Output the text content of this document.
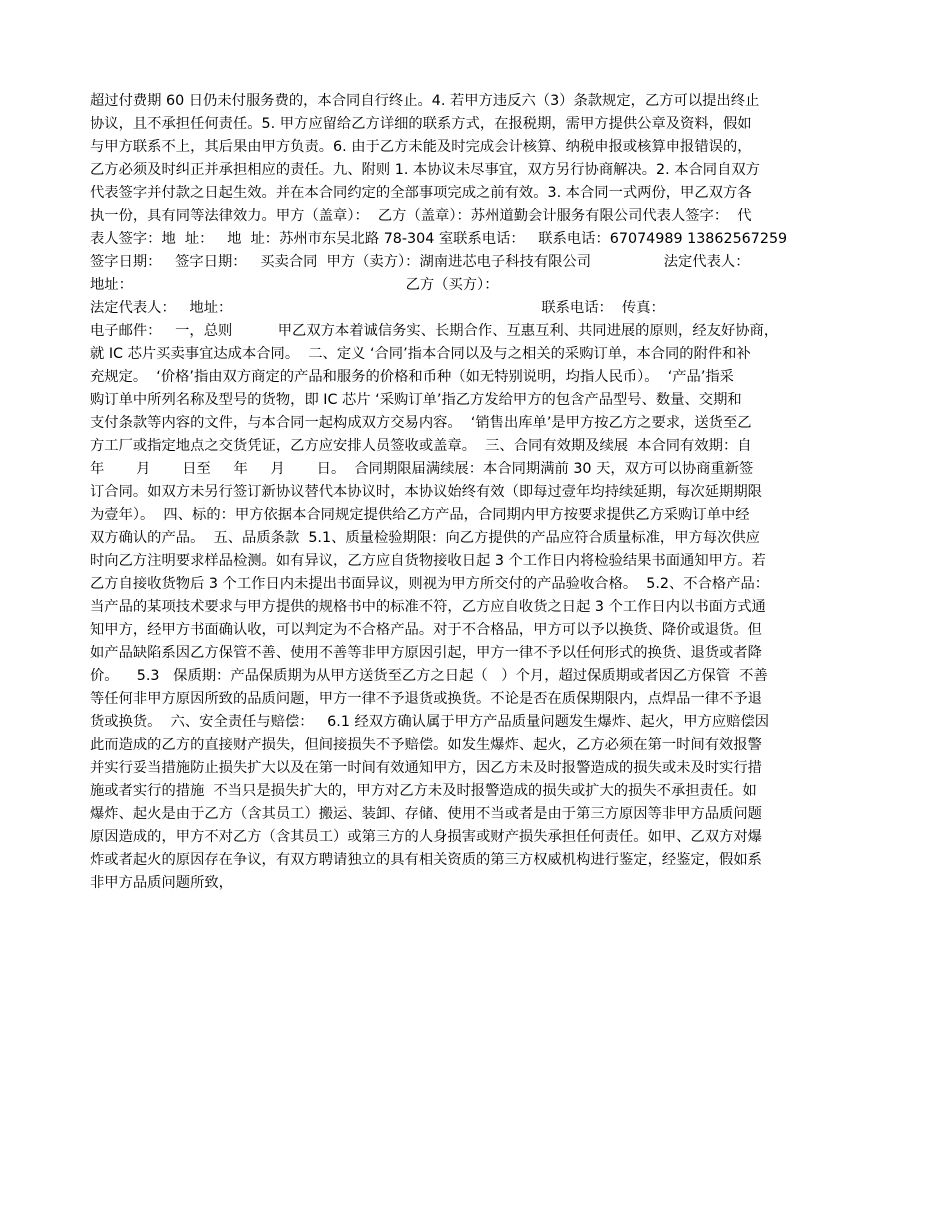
超过付费期 60 日仍未付服务费的，本合同自行终止。4. 若甲方违反六（3）条款规定，乙方可以提出终止
协议，且不承担任何责任。5. 甲方应留给乙方详细的联系方式，在报税期，需甲方提供公章及资料，假如
与甲方联系不上，其后果由甲方负责。6. 由于乙方未能及时完成会计核算、纳税申报或核算申报错误的，
乙方必须及时纠正并承担相应的责任。九、附则 1. 本协议未尽事宜，双方另行协商解决。2. 本合同自双方
代表签字并付款之日起生效。并在本合同约定的全部事项完成之前有效。3. 本合同一式两份，甲乙双方各
执一份，具有同等法律效力。甲方（盖章）：  乙方（盖章）：苏州道勤会计服务有限公司代表人签字：  代
表人签字：地  址：   地  址：苏州市东吴北路 78-304 室联系电话：   联系电话：67074989 13862567259
签字日期：   签字日期：   买卖合同  甲方（卖方）：湖南进芯电子科技有限公司                法定代表人：
地址：                                                            乙方（买方）：
法定代表人：   地址：                                                                    联系电话：  传真：
电子邮件：   一，总则          甲乙双方本着诚信务实、长期合作、互惠互利、共同进展的原则，经友好协商，
就 IC 芯片买卖事宜达成本合同。  二、定义 ‘合同’指本合同以及与之相关的采购订单，本合同的附件和补
充规定。  ‘价格’指由双方商定的产品和服务的价格和币种（如无特别说明，均指人民币）。  ‘产品’指采
购订单中所列名称及型号的货物，即 IC 芯片 ‘采购订单’指乙方发给甲方的包含产品型号、数量、交期和
支付条款等内容的文件，与本合同一起构成双方交易内容。  ‘销售出库单’是甲方按乙方之要求，送货至乙
方工厂或指定地点之交货凭证，乙方应安排人员签收或盖章。  三、合同有效期及续展  本合同有效期：自
年       月       日至     年     月       日。  合同期限届满续展：本合同期满前 30 天，双方可以协商重新签
订合同。如双方未另行签订新协议替代本协议时，本协议始终有效（即每过壹年均持续延期，每次延期期限
为壹年）。  四、标的：甲方依据本合同规定提供给乙方产品，合同期内甲方按要求提供乙方采购订单中经
双方确认的产品。  五、品质条款  5.1、质量检验期限：向乙方提供的产品应符合质量标准，甲方每次供应
时向乙方注明要求样品检测。如有异议，乙方应自货物接收日起 3 个工作日内将检验结果书面通知甲方。若
乙方自接收货物后 3 个工作日内未提出书面异议，则视为甲方所交付的产品验收合格。  5.2、不合格产品：
当产品的某项技术要求与甲方提供的规格书中的标准不符，乙方应自收货之日起 3 个工作日内以书面方式通
知甲方，经甲方书面确认收，可以判定为不合格产品。对于不合格品，甲方可以予以换货、降价或退货。但
如产品缺陷系因乙方保管不善、使用不善等非甲方原因引起，甲方一律不予以任何形式的换货、退货或者降
价。    5.3   保质期：产品保质期为从甲方送货至乙方之日起（   ）个月，超过保质期或者因乙方保管  不善
等任何非甲方原因所致的品质问题，甲方一律不予退货或换货。不论是否在质保期限内，点焊品一律不予退
货或换货。  六、安全责任与赔偿：   6.1 经双方确认属于甲方产品质量问题发生爆炸、起火，甲方应赔偿因
此而造成的乙方的直接财产损失，但间接损失不予赔偿。如发生爆炸、起火，乙方必须在第一时间有效报警
并实行妥当措施防止损失扩大以及在第一时间有效通知甲方，因乙方未及时报警造成的损失或未及时实行措
施或者实行的措施  不当只是损失扩大的，甲方对乙方未及时报警造成的损失或扩大的损失不承担责任。如
爆炸、起火是由于乙方（含其员工）搬运、装卸、存储、使用不当或者是由于第三方原因等非甲方品质问题
原因造成的，甲方不对乙方（含其员工）或第三方的人身损害或财产损失承担任何责任。如甲、乙双方对爆
炸或者起火的原因存在争议，有双方聘请独立的具有相关资质的第三方权威机构进行鉴定，经鉴定，假如系
非甲方品质问题所致，
